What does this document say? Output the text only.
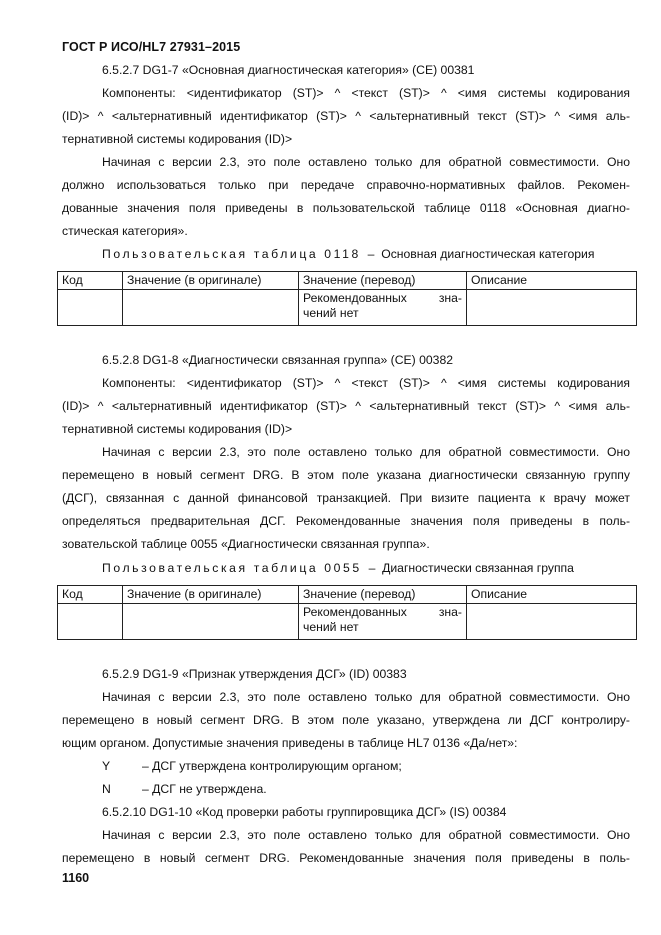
ГОСТ Р ИСО/HL7 27931–2015
6.5.2.7 DG1-7 «Основная диагностическая категория» (CE) 00381
Компоненты: <идентификатор (ST)> ^ <текст (ST)> ^ <имя системы кодирования
(ID)> ^ <альтернативный идентификатор (ST)> ^ <альтернативный текст (ST)> ^ <имя аль-
тернативной системы кодирования (ID)>
Начиная с версии 2.3, это поле оставлено только для обратной совместимости. Оно
должно использоваться только при передаче справочно-нормативных файлов. Рекомен-
дованные значения поля приведены в пользовательской таблице 0118 «Основная диагно-
стическая категория».
Пользовательская таблица 0118 – Основная диагностическая категория
Код	Значение (в оригинале)	Значение (перевод)	Описание

		Рекомендованных зна-
чений нет	

6.5.2.8 DG1-8 «Диагностически связанная группа» (CE) 00382
Компоненты: <идентификатор (ST)> ^ <текст (ST)> ^ <имя системы кодирования
(ID)> ^ <альтернативный идентификатор (ST)> ^ <альтернативный текст (ST)> ^ <имя аль-
тернативной системы кодирования (ID)>
Начиная с версии 2.3, это поле оставлено только для обратной совместимости. Оно
перемещено в новый сегмент DRG. В этом поле указана диагностически связанную группу
(ДСГ), связанная с данной финансовой транзакцией. При визите пациента к врачу может
определяться предварительная ДСГ. Рекомендованные значения поля приведены в поль-
зовательской таблице 0055 «Диагностически связанная группа».
Пользовательская таблица 0055 – Диагностически связанная группа
Код	Значение (в оригинале)	Значение (перевод)	Описание

		Рекомендованных зна-
чений нет	

6.5.2.9 DG1-9 «Признак утверждения ДСГ» (ID) 00383
Начиная с версии 2.3, это поле оставлено только для обратной совместимости. Оно
перемещено в новый сегмент DRG. В этом поле указано, утверждена ли ДСГ контролиру-
ющим органом. Допустимые значения приведены в таблице HL7 0136 «Да/нет»:
Y	– ДСГ утверждена контролирующим органом;
N	– ДСГ не утверждена.
6.5.2.10 DG1-10 «Код проверки работы группировщика ДСГ» (IS) 00384
Начиная с версии 2.3, это поле оставлено только для обратной совместимости. Оно
перемещено в новый сегмент DRG. Рекомендованные значения поля приведены в поль-
1160
